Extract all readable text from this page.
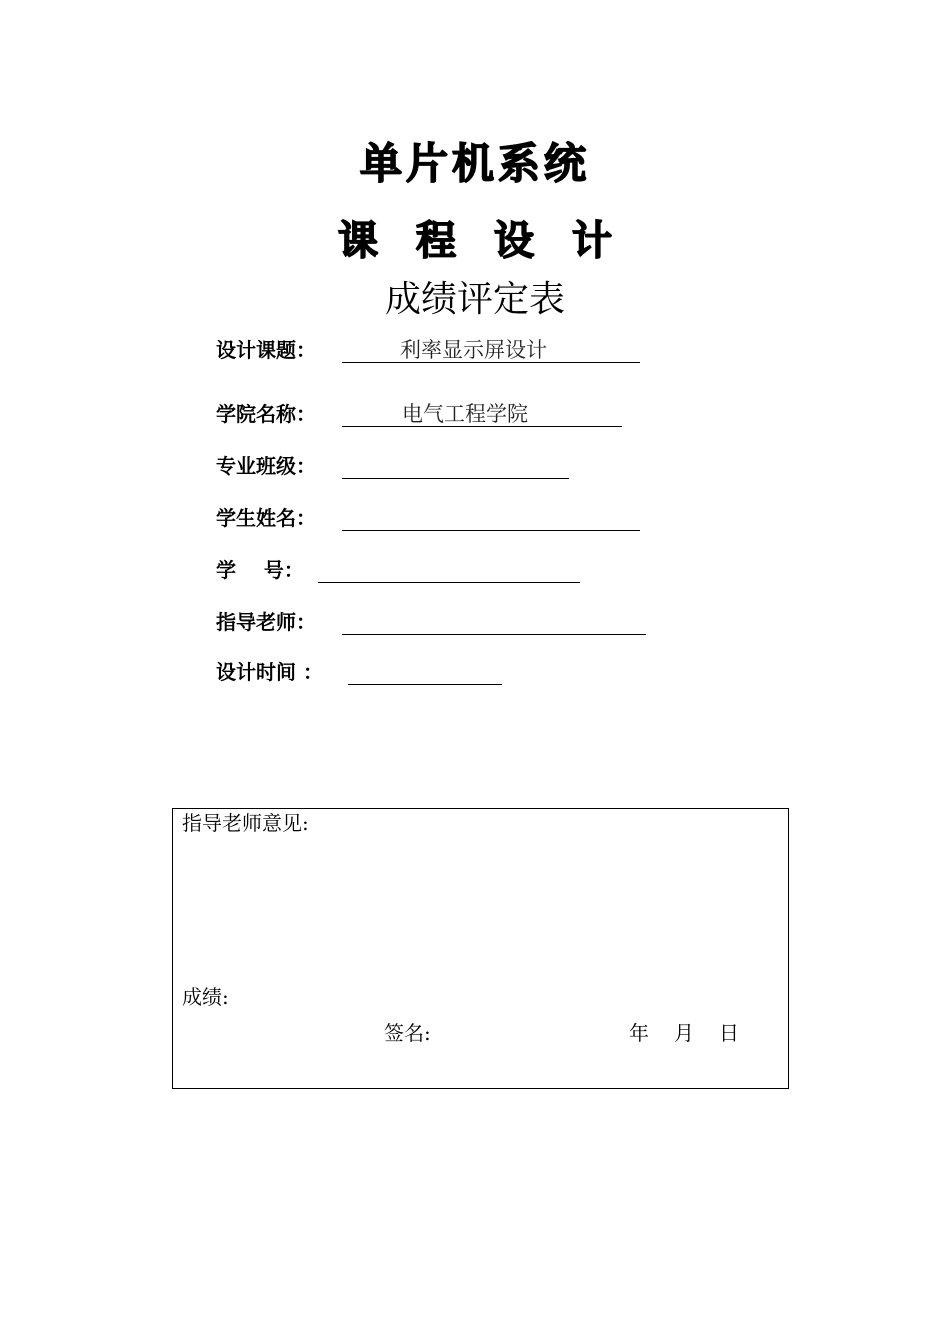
单片机系统
课程设计
成绩评定表
设计课题：	利率显示屏设计
学院名称：	电气工程学院
专业班级：
学生姓名：
学    号：
指导老师：
设计时间 ：
指导老师意见:
成绩:
签名:	年 月 日
